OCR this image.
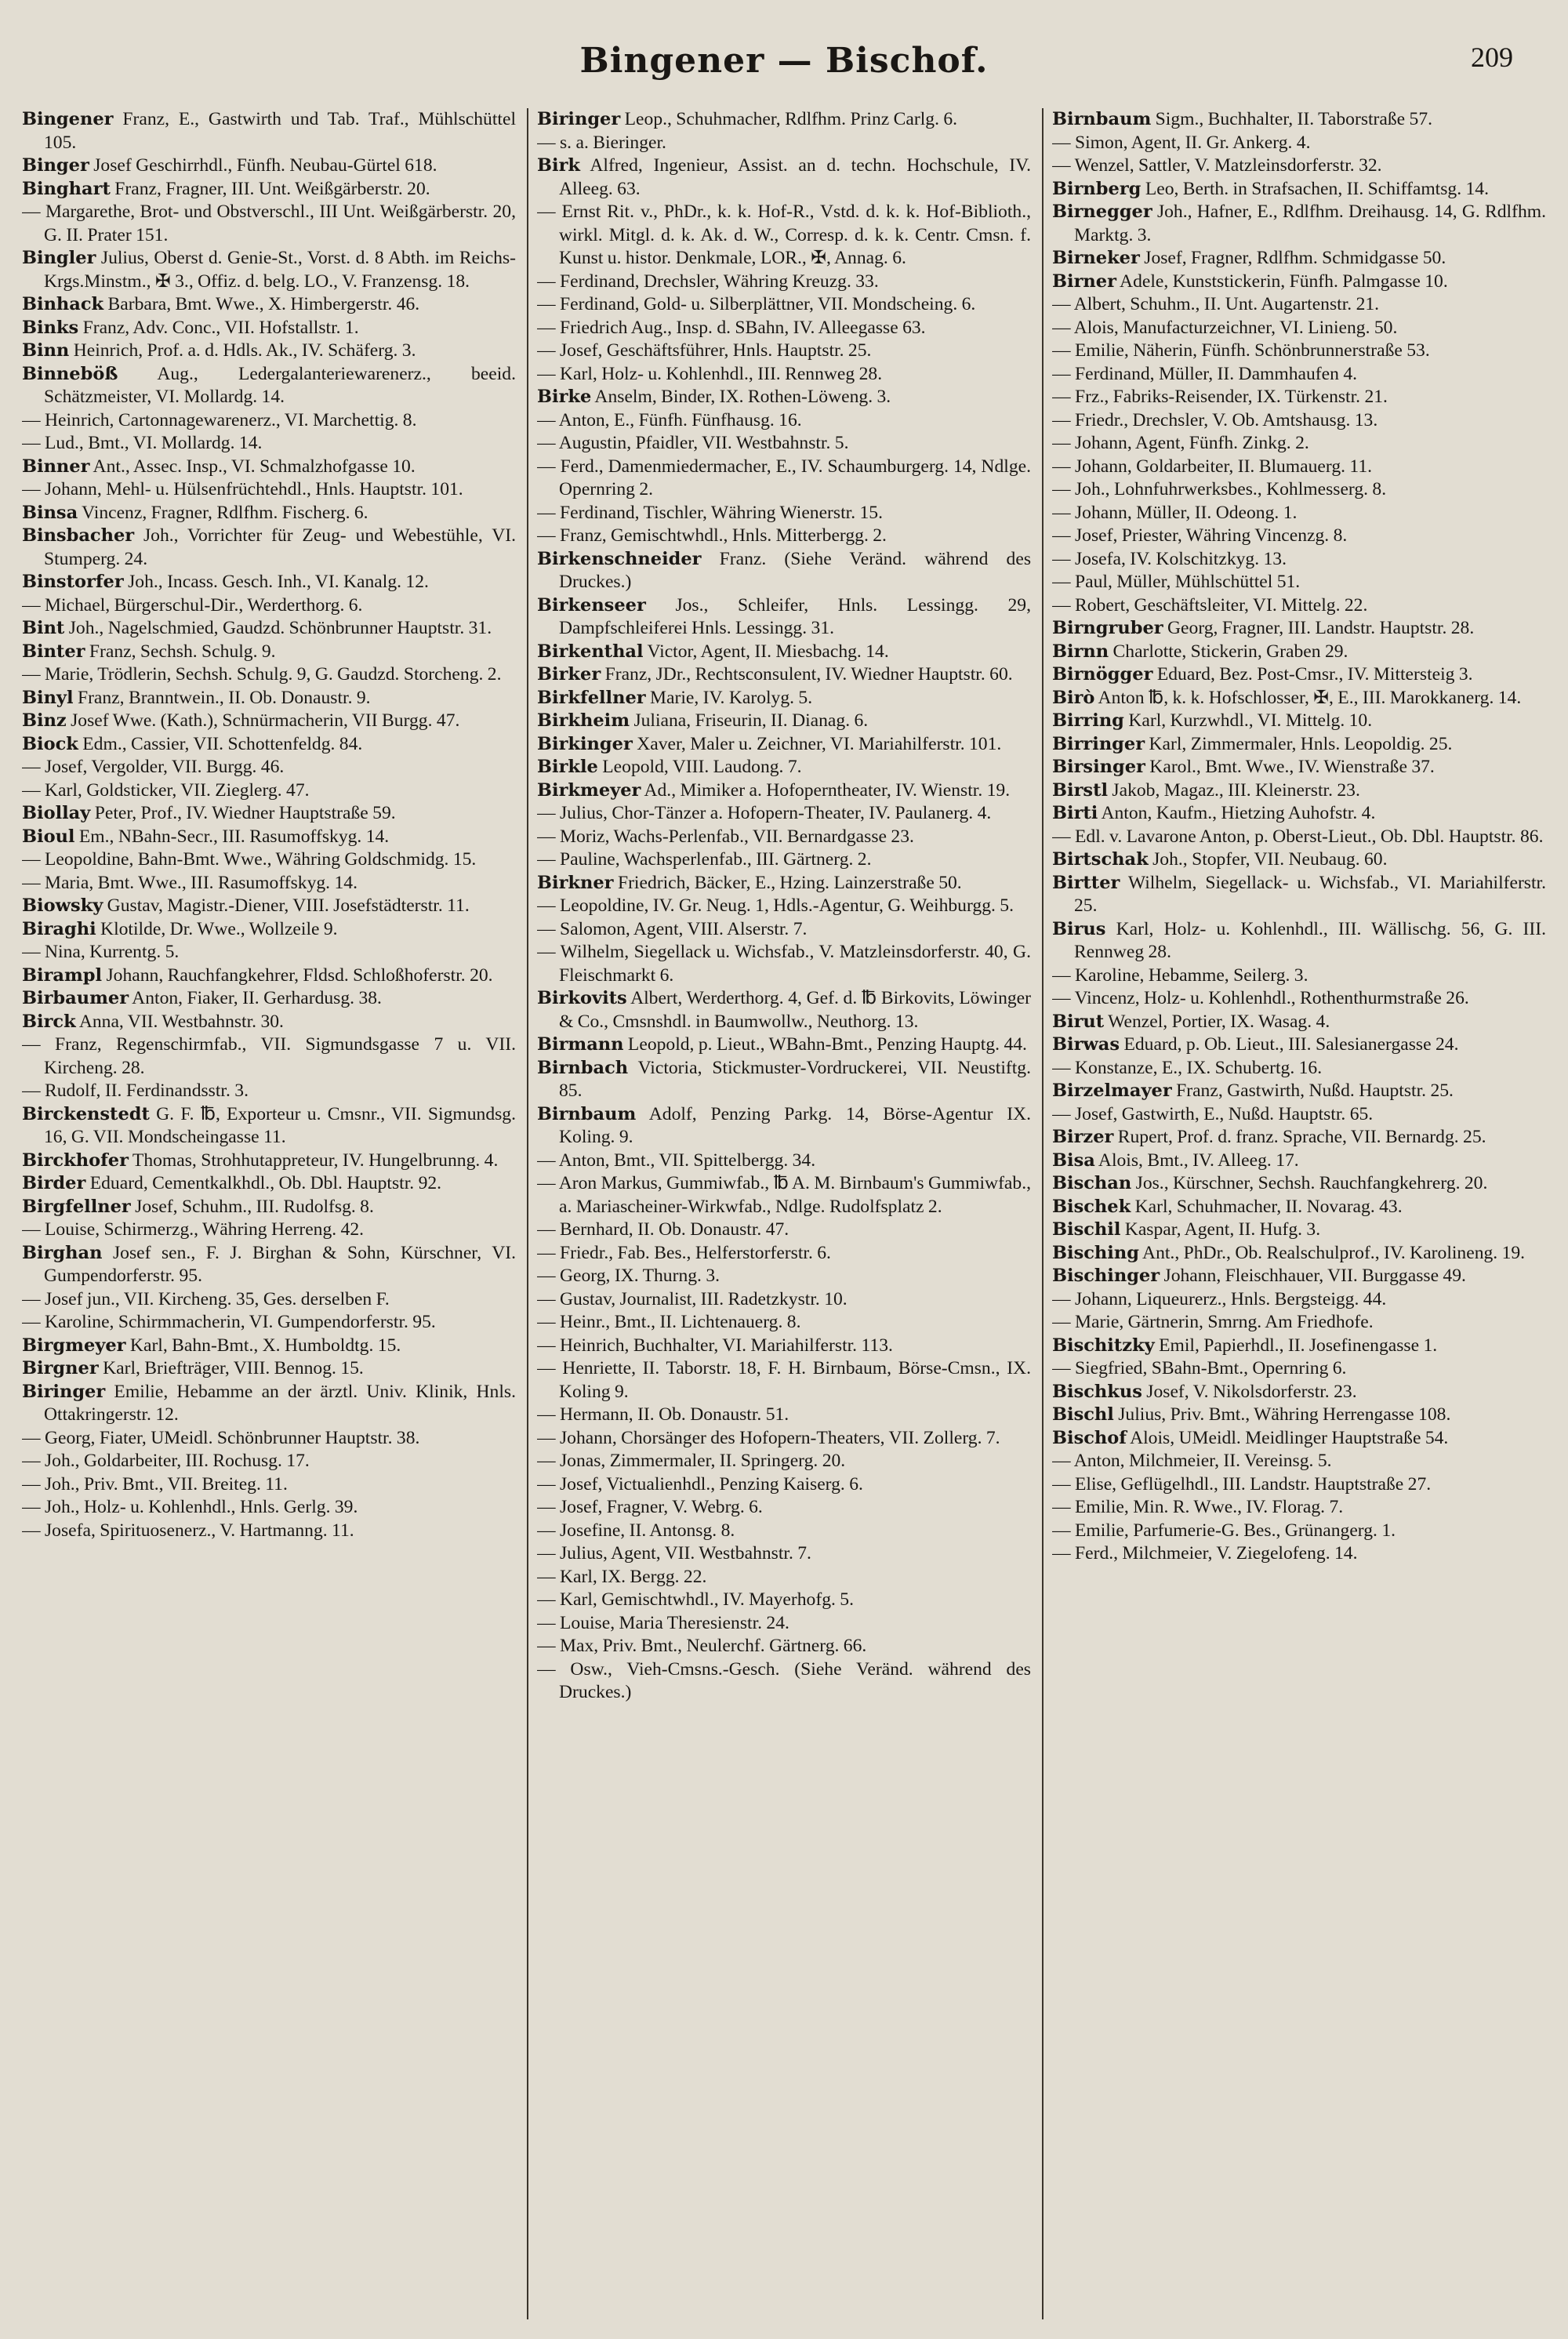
Bingener — Bischof.	209
Bingener Franz, E., Gastwirth und Tab. Traf., Mühlschüttel 105.
Binger Josef Geschirrhdl., Fünfh. Neubau-Gürtel 618.
Binghart Franz, Fragner, III. Unt. Weißgärberstr. 20.
— Margarethe, Brot- und Obstverschl., III Unt. Weißgärberstr. 20, G. II. Prater 151.
Bingler Julius, Oberst d. Genie-St., Vorst. d. 8 Abth. im Reichs-Krgs.Minstm., ✠ 3., Offiz. d. belg. LO., V. Franzensg. 18.
Binhack Barbara, Bmt. Wwe., X. Himbergerstr. 46.
Binks Franz, Adv. Conc., VII. Hofstallstr. 1.
Binn Heinrich, Prof. a. d. Hdls. Ak., IV. Schäferg. 3.
Binneböß Aug., Ledergalanteriewarenerz., beeid. Schätzmeister, VI. Mollardg. 14.
— Heinrich, Cartonnagewarenerz., VI. Marchettig. 8.
— Lud., Bmt., VI. Mollardg. 14.
Binner Ant., Assec. Insp., VI. Schmalzhofgasse 10.
— Johann, Mehl- u. Hülsenfrüchtehdl., Hnls. Hauptstr. 101.
Binsa Vincenz, Fragner, Rdlfhm. Fischerg. 6.
Binsbacher Joh., Vorrichter für Zeug- und Webestühle, VI. Stumperg. 24.
Binstorfer Joh., Incass. Gesch. Inh., VI. Kanalg. 12.
— Michael, Bürgerschul-Dir., Werderthorg. 6.
Bint Joh., Nagelschmied, Gaudzd. Schönbrunner Hauptstr. 31.
Binter Franz, Sechsh. Schulg. 9.
— Marie, Trödlerin, Sechsh. Schulg. 9, G. Gaudzd. Storcheng. 2.
Binyl Franz, Branntwein., II. Ob. Donaustr. 9.
Binz Josef Wwe. (Kath.), Schnürmacherin, VII Burgg. 47.
Biock Edm., Cassier, VII. Schottenfeldg. 84.
— Josef, Vergolder, VII. Burgg. 46.
— Karl, Goldsticker, VII. Zieglerg. 47.
Biollay Peter, Prof., IV. Wiedner Hauptstraße 59.
Bioul Em., NBahn-Secr., III. Rasumoffskyg. 14.
— Leopoldine, Bahn-Bmt. Wwe., Währing Goldschmidg. 15.
— Maria, Bmt. Wwe., III. Rasumoffskyg. 14.
Biowsky Gustav, Magistr.-Diener, VIII. Josefstädterstr. 11.
Biraghi Klotilde, Dr. Wwe., Wollzeile 9.
— Nina, Kurrentg. 5.
Birampl Johann, Rauchfangkehrer, Fldsd. Schloßhoferstr. 20.
Birbaumer Anton, Fiaker, II. Gerhardusg. 38.
Birck Anna, VII. Westbahnstr. 30.
— Franz, Regenschirmfab., VII. Sigmundsgasse 7 u. VII. Kircheng. 28.
— Rudolf, II. Ferdinandsstr. 3.
Birckenstedt G. F. ℔, Exporteur u. Cmsnr., VII. Sigmundsg. 16, G. VII. Mondscheingasse 11.
Birckhofer Thomas, Strohhutappreteur, IV. Hungelbrunng. 4.
Birder Eduard, Cementkalkhdl., Ob. Dbl. Hauptstr. 92.
Birgfellner Josef, Schuhm., III. Rudolfsg. 8.
— Louise, Schirmerzg., Währing Herreng. 42.
Birghan Josef sen., F. J. Birghan & Sohn, Kürschner, VI. Gumpendorferstr. 95.
— Josef jun., VII. Kircheng. 35, Ges. derselben F.
— Karoline, Schirmmacherin, VI. Gumpendorferstr. 95.
Birgmeyer Karl, Bahn-Bmt., X. Humboldtg. 15.
Birgner Karl, Briefträger, VIII. Bennog. 15.
Biringer Emilie, Hebamme an der ärztl. Univ. Klinik, Hnls. Ottakringerstr. 12.
— Georg, Fiater, UMeidl. Schönbrunner Hauptstr. 38.
— Joh., Goldarbeiter, III. Rochusg. 17.
— Joh., Priv. Bmt., VII. Breiteg. 11.
— Joh., Holz- u. Kohlenhdl., Hnls. Gerlg. 39.
— Josefa, Spirituosenerz., V. Hartmanng. 11.
Biringer Leop., Schuhmacher, Rdlfhm. Prinz Carlg. 6.
— s. a. Bieringer.
Birk Alfred, Ingenieur, Assist. an d. techn. Hochschule, IV. Alleeg. 63.
— Ernst Rit. v., PhDr., k. k. Hof-R., Vstd. d. k. k. Hof-Biblioth., wirkl. Mitgl. d. k. Ak. d. W., Corresp. d. k. k. Centr. Cmsn. f. Kunst u. histor. Denkmale, LOR., ✠, Annag. 6.
— Ferdinand, Drechsler, Währing Kreuzg. 33.
— Ferdinand, Gold- u. Silberplättner, VII. Mondscheing. 6.
— Friedrich Aug., Insp. d. SBahn, IV. Alleegasse 63.
— Josef, Geschäftsführer, Hnls. Hauptstr. 25.
— Karl, Holz- u. Kohlenhdl., III. Rennweg 28.
Birke Anselm, Binder, IX. Rothen-Löweng. 3.
— Anton, E., Fünfh. Fünfhausg. 16.
— Augustin, Pfaidler, VII. Westbahnstr. 5.
— Ferd., Damenmiedermacher, E., IV. Schaumburgerg. 14, Ndlge. Opernring 2.
— Ferdinand, Tischler, Währing Wienerstr. 15.
— Franz, Gemischtwhdl., Hnls. Mitterbergg. 2.
Birkenschneider Franz. (Siehe Veränd. während des Druckes.)
Birkenseer Jos., Schleifer, Hnls. Lessingg. 29, Dampfschleiferei Hnls. Lessingg. 31.
Birkenthal Victor, Agent, II. Miesbachg. 14.
Birker Franz, JDr., Rechtsconsulent, IV. Wiedner Hauptstr. 60.
Birkfellner Marie, IV. Karolyg. 5.
Birkheim Juliana, Friseurin, II. Dianag. 6.
Birkinger Xaver, Maler u. Zeichner, VI. Mariahilferstr. 101.
Birkle Leopold, VIII. Laudong. 7.
Birkmeyer Ad., Mimiker a. Hofoperntheater, IV. Wienstr. 19.
— Julius, Chor-Tänzer a. Hofopern-Theater, IV. Paulanerg. 4.
— Moriz, Wachs-Perlenfab., VII. Bernardgasse 23.
— Pauline, Wachsperlenfab., III. Gärtnerg. 2.
Birkner Friedrich, Bäcker, E., Hzing. Lainzerstraße 50.
— Leopoldine, IV. Gr. Neug. 1, Hdls.-Agentur, G. Weihburgg. 5.
— Salomon, Agent, VIII. Alserstr. 7.
— Wilhelm, Siegellack u. Wichsfab., V. Matzleinsdorferstr. 40, G. Fleischmarkt 6.
Birkovits Albert, Werderthorg. 4, Gef. d. ℔ Birkovits, Löwinger & Co., Cmsnshdl. in Baumwollw., Neuthorg. 13.
Birmann Leopold, p. Lieut., WBahn-Bmt., Penzing Hauptg. 44.
Birnbach Victoria, Stickmuster-Vordruckerei, VII. Neustiftg. 85.
Birnbaum Adolf, Penzing Parkg. 14, Börse-Agentur IX. Koling. 9.
— Anton, Bmt., VII. Spittelbergg. 34.
— Aron Markus, Gummiwfab., ℔ A. M. Birnbaum's Gummiwfab., a. Mariascheiner-Wirkwfab., Ndlge. Rudolfsplatz 2.
— Bernhard, II. Ob. Donaustr. 47.
— Friedr., Fab. Bes., Helferstorferstr. 6.
— Georg, IX. Thurng. 3.
— Gustav, Journalist, III. Radetzkystr. 10.
— Heinr., Bmt., II. Lichtenauerg. 8.
— Heinrich, Buchhalter, VI. Mariahilferstr. 113.
— Henriette, II. Taborstr. 18, F. H. Birnbaum, Börse-Cmsn., IX. Koling 9.
— Hermann, II. Ob. Donaustr. 51.
— Johann, Chorsänger des Hofopern-Theaters, VII. Zollerg. 7.
— Jonas, Zimmermaler, II. Springerg. 20.
— Josef, Victualienhdl., Penzing Kaiserg. 6.
— Josef, Fragner, V. Webrg. 6.
— Josefine, II. Antonsg. 8.
— Julius, Agent, VII. Westbahnstr. 7.
— Karl, IX. Bergg. 22.
— Karl, Gemischtwhdl., IV. Mayerhofg. 5.
— Louise, Maria Theresienstr. 24.
— Max, Priv. Bmt., Neulerchf. Gärtnerg. 66.
— Osw., Vieh-Cmsns.-Gesch. (Siehe Veränd. während des Druckes.)
Birnbaum Sigm., Buchhalter, II. Taborstraße 57.
— Simon, Agent, II. Gr. Ankerg. 4.
— Wenzel, Sattler, V. Matzleinsdorferstr. 32.
Birnberg Leo, Berth. in Strafsachen, II. Schiffamtsg. 14.
Birnegger Joh., Hafner, E., Rdlfhm. Dreihausg. 14, G. Rdlfhm. Marktg. 3.
Birneker Josef, Fragner, Rdlfhm. Schmidgasse 50.
Birner Adele, Kunststickerin, Fünfh. Palmgasse 10.
— Albert, Schuhm., II. Unt. Augartenstr. 21.
— Alois, Manufacturzeichner, VI. Linieng. 50.
— Emilie, Näherin, Fünfh. Schönbrunnerstraße 53.
— Ferdinand, Müller, II. Dammhaufen 4.
— Frz., Fabriks-Reisender, IX. Türkenstr. 21.
— Friedr., Drechsler, V. Ob. Amtshausg. 13.
— Johann, Agent, Fünfh. Zinkg. 2.
— Johann, Goldarbeiter, II. Blumauerg. 11.
— Joh., Lohnfuhrwerksbes., Kohlmesserg. 8.
— Johann, Müller, II. Odeong. 1.
— Josef, Priester, Währing Vincenzg. 8.
— Josefa, IV. Kolschitzkyg. 13.
— Paul, Müller, Mühlschüttel 51.
— Robert, Geschäftsleiter, VI. Mittelg. 22.
Birngruber Georg, Fragner, III. Landstr. Hauptstr. 28.
Birnn Charlotte, Stickerin, Graben 29.
Birnögger Eduard, Bez. Post-Cmsr., IV. Mittersteig 3.
Birò Anton ℔, k. k. Hofschlosser, ✠, E., III. Marokkanerg. 14.
Birring Karl, Kurzwhdl., VI. Mittelg. 10.
Birringer Karl, Zimmermaler, Hnls. Leopoldig. 25.
Birsinger Karol., Bmt. Wwe., IV. Wienstraße 37.
Birstl Jakob, Magaz., III. Kleinerstr. 23.
Birti Anton, Kaufm., Hietzing Auhofstr. 4.
— Edl. v. Lavarone Anton, p. Oberst-Lieut., Ob. Dbl. Hauptstr. 86.
Birtschak Joh., Stopfer, VII. Neubaug. 60.
Birtter Wilhelm, Siegellack- u. Wichsfab., VI. Mariahilferstr. 25.
Birus Karl, Holz- u. Kohlenhdl., III. Wällischg. 56, G. III. Rennweg 28.
— Karoline, Hebamme, Seilerg. 3.
— Vincenz, Holz- u. Kohlenhdl., Rothenthurmstraße 26.
Birut Wenzel, Portier, IX. Wasag. 4.
Birwas Eduard, p. Ob. Lieut., III. Salesianergasse 24.
— Konstanze, E., IX. Schubertg. 16.
Birzelmayer Franz, Gastwirth, Nußd. Hauptstr. 25.
— Josef, Gastwirth, E., Nußd. Hauptstr. 65.
Birzer Rupert, Prof. d. franz. Sprache, VII. Bernardg. 25.
Bisa Alois, Bmt., IV. Alleeg. 17.
Bischan Jos., Kürschner, Sechsh. Rauchfangkehrerg. 20.
Bischek Karl, Schuhmacher, II. Novarag. 43.
Bischil Kaspar, Agent, II. Hufg. 3.
Bisching Ant., PhDr., Ob. Realschulprof., IV. Karolineng. 19.
Bischinger Johann, Fleischhauer, VII. Burggasse 49.
— Johann, Liqueurerz., Hnls. Bergsteigg. 44.
— Marie, Gärtnerin, Smrng. Am Friedhofe.
Bischitzky Emil, Papierhdl., II. Josefinengasse 1.
— Siegfried, SBahn-Bmt., Opernring 6.
Bischkus Josef, V. Nikolsdorferstr. 23.
Bischl Julius, Priv. Bmt., Währing Herrengasse 108.
Bischof Alois, UMeidl. Meidlinger Hauptstraße 54.
— Anton, Milchmeier, II. Vereinsg. 5.
— Elise, Geflügelhdl., III. Landstr. Hauptstraße 27.
— Emilie, Min. R. Wwe., IV. Florag. 7.
— Emilie, Parfumerie-G. Bes., Grünangerg. 1.
— Ferd., Milchmeier, V. Ziegelofeng. 14.
